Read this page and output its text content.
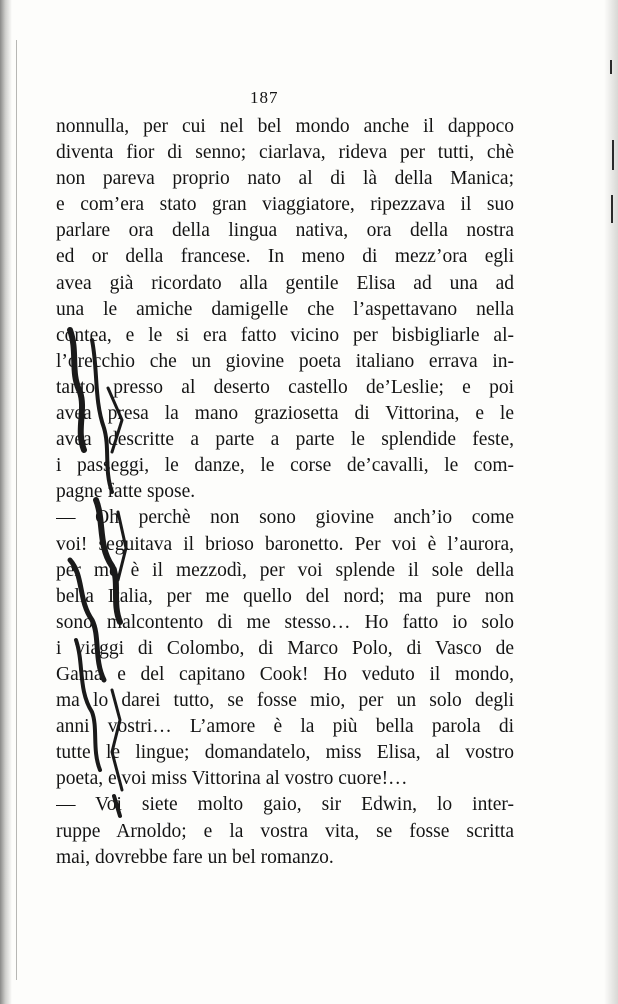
187
nonnulla, per cui nel bel mondo anche il dappoco
diventa fior di senno; ciarlava, rideva per tutti, chè
non pareva proprio nato al di là della Manica;
e com’era stato gran viaggiatore, ripezzava il suo
parlare ora della lingua nativa, ora della nostra
ed or della francese. In meno di mezz’ora egli
avea già ricordato alla gentile Elisa ad una ad
una le amiche damigelle che l’aspettavano nella
contea, e le si era fatto vicino per bisbigliarle al-
l’orecchio che un giovine poeta italiano errava in-
tanto presso al deserto castello de’Leslie; e poi
avea presa la mano graziosetta di Vittorina, e le
avea descritte a parte a parte le splendide feste,
i passeggi, le danze, le corse de’cavalli, le com-
pagne fatte spose.
— Oh perchè non sono giovine anch’io come
voi! seguitava il brioso baronetto. Per voi è l’aurora,
per me è il mezzodì, per voi splende il sole della
bella Italia, per me quello del nord; ma pure non
sono malcontento di me stesso… Ho fatto io solo
i viaggi di Colombo, di Marco Polo, di Vasco de
Gama e del capitano Cook! Ho veduto il mondo,
ma lo darei tutto, se fosse mio, per un solo degli
anni vostri… L’amore è la più bella parola di
tutte le lingue; domandatelo, miss Elisa, al vostro
poeta, e voi miss Vittorina al vostro cuore!…
— Voi siete molto gaio, sir Edwin, lo inter-
ruppe Arnoldo; e la vostra vita, se fosse scritta
mai, dovrebbe fare un bel romanzo.
